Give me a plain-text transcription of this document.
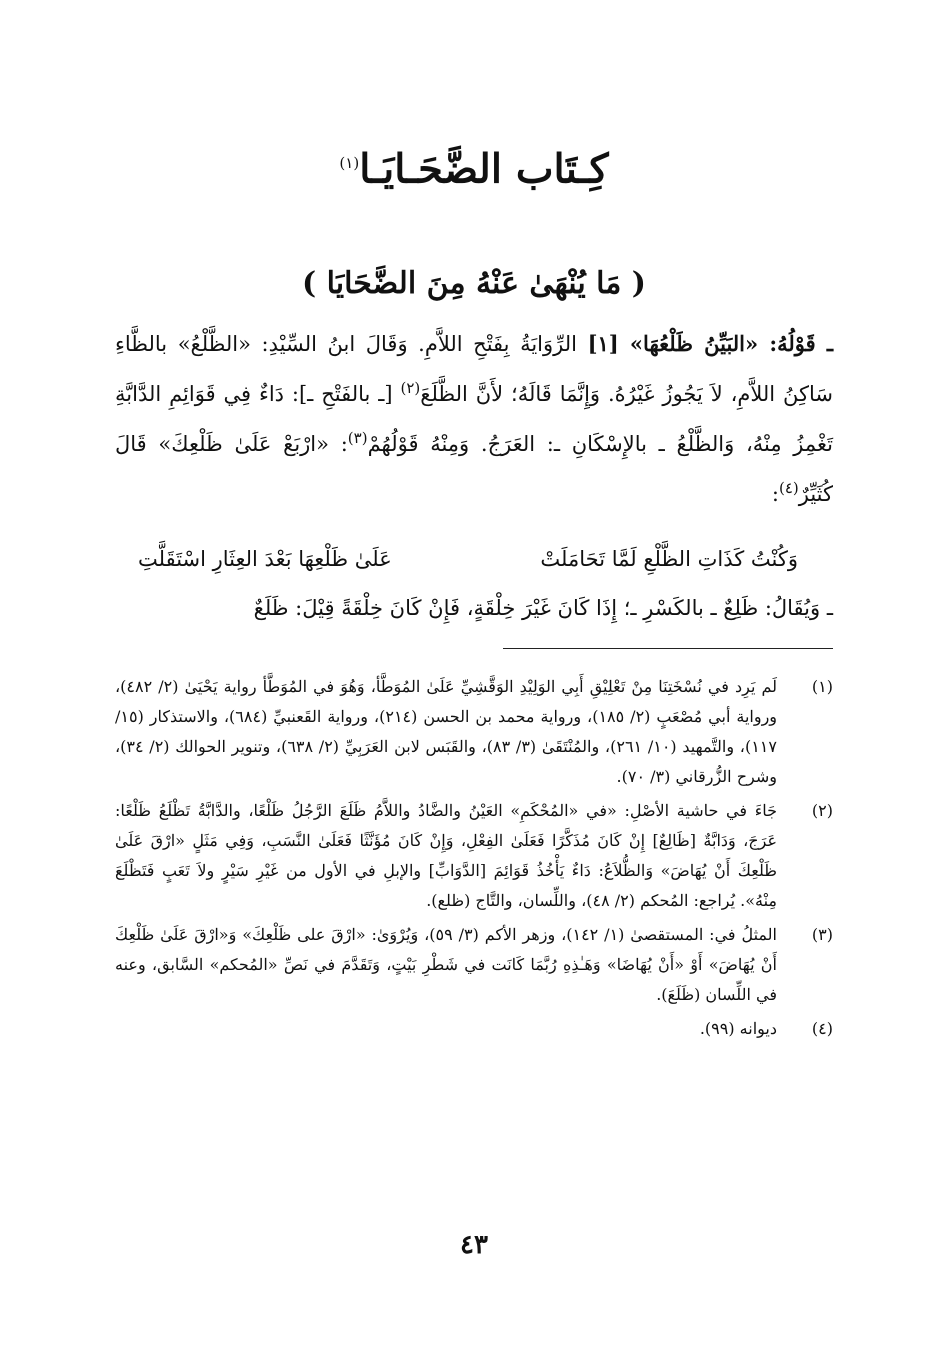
كِـتَاب الضَّحَـايَـا$^{(١)}$
( مَا يُنْهَىٰ عَنْهُ مِنَ الضَّحَايَا )
ـ قَوْلُهُ: «البَيِّنُ ظَلْعُهَا» [١] الرِّوَايَةُ بِفَتْحِ اللاَّمِ. وَقَالَ ابنُ السِّيْدِ: «الظَّلْعُ» بالظَّاءِ سَاكِنُ اللاَّمِ، لاَ يَجُوزُ غَيْرُهُ. وَإِنَّمَا قَالَهُ؛ لأَنَّ الظَّلَعَ$^{(٢)}$ [ـ بالفَتْحِ ـ]: دَاءٌ فِي قَوَائِمِ الدَّابَّةِ تَغْمِزُ مِنْهُ، وَالظَّلْعُ ـ بالإِسْكَانِ ـ: العَرَجُ. وَمِنْهُ قَوْلُهُمْ$^{(٣)}$: «ارْبَعْ عَلَىٰ ظَلْعِكَ» قَالَ كُثَيِّرٌ$^{(٤)}$:
وَكُنْتُ كَذَاتِ الظَّلْعِ لَمَّا تَحَامَلَتْ
عَلَىٰ ظَلْعِهَا بَعْدَ العِثَارِ اسْتَقَلَّتِ
ـ وَيُقَالُ: ظَلِعٌ ـ بالكَسْرِ ـ؛ إِذَا كَانَ غَيْرَ خِلْقَةٍ، فَإِنْ كَانَ خِلْقَةً قِيْلَ: ظَلَعٌ
(١)
لَم يَرِد في نُسْخَتِنَا مِنْ تَعْلِيْقِ أَبِي الوَلِيْدِ الوَقَّشِيِّ عَلَىٰ المُوَطَّأ، وَهُوَ في المُوَطَّأ رواية يَحْيَىٰ (٢/ ٤٨٢)، ورواية أبي مُصْعَبٍ (٢/ ١٨٥)، ورواية محمد بن الحسن (٢١٤)، ورواية القَعنبيِّ (٦٨٤)، والاستذكار (١٥/ ١١٧)، والتَّمهيد (١٠/ ٢٦١)، والمُنْتَقَىٰ (٣/ ٨٣)، والقَبَس لابن العَرَبِيِّ (٢/ ٦٣٨)، وتنوير الحوالك (٢/ ٣٤)، وشرح الزُّرقاني (٣/ ٧٠).
(٢)
جَاءَ في حاشية الأصْلِ: «في «المُحْكَمِ» العَيْنُ والضَّادُ واللاَّمُ ظَلَعَ الرَّجُلُ ظَلْعًا، والدَّابَّةُ تَظْلَعُ ظَلْعًا: عَرَجَ، وَدَابَّةٌ [ظَالِعٌ] إِنْ كَانَ مُذَكَّرًا فَعَلَىٰ الفِعْلِ، وَإِنْ كَانَ مُؤَنَّثًا فَعَلَىٰ النَّسَبِ، وَفِي مَثَلٍ «ارْقَ عَلَىٰ ظَلْعِكَ أَنْ يُهَاضَ» وَالظُّلاَعُ: دَاءٌ يَأْخُذُ قَوَائِمَ [الدَّوَابِّ] والإبلِ في الأول من غَيْرِ سَيْرٍ ولاَ تَعَبٍ فَتَظْلَعَ مِنْهُ». يُراجع: المُحكم (٢/ ٤٨)، واللِّسان، والتَّاج (ظلع).
(٣)
المثلُ في: المستقصىٰ (١/ ١٤٢)، وزهر الأكم (٣/ ٥٩)، وَيُرْوَىٰ: «ارْقَ على ظَلْعِكَ» وَ«ارْقَ عَلَىٰ ظَلْعِكَ أَنْ يُهَاضَ» أَوْ «أَنْ يُهَاضَا» وَهَـٰذِهِ رُبَّمَا كَانَت في شَطْرِ بَيْتٍ، وَتَقَدَّمَ في نَصِّ «المُحكم» السَّابق، وعنه في اللِّسان (ظَلَعَ).
(٤)
ديوانه (٩٩).
٤٣
